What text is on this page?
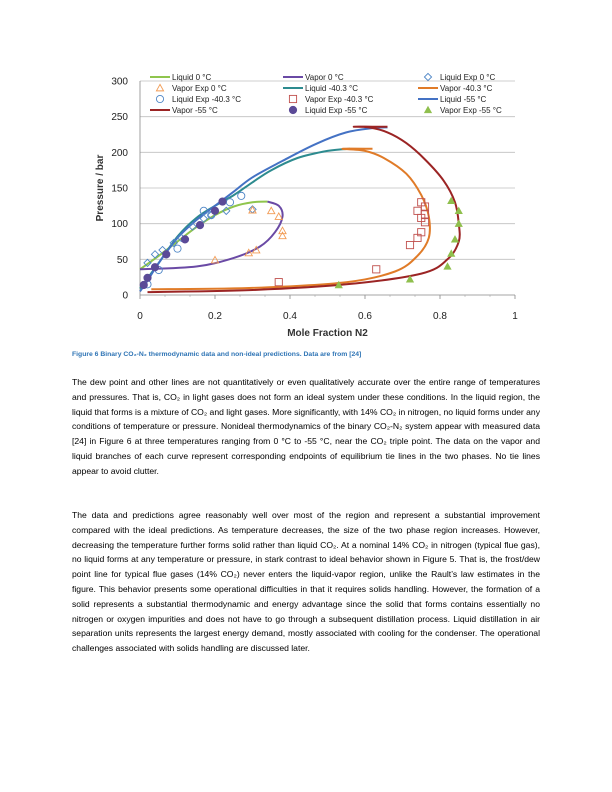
0
50
100
150
200
250
300
0	0.2	0.4	0.6	0.8	1
Liquid 0 °C	Vapor 0 °C	Liquid Exp 0 °C
Vapor Exp 0 °C	Liquid -40.3 °C	Vapor -40.3 °C
Liquid Exp -40.3 °C	Vapor Exp -40.3 °C	Liquid -55 °C
Vapor -55 °C	Liquid Exp -55 °C	Vapor Exp -55 °C
Mole Fraction N2
Pressure / bar
Figure 6 Binary CO₂-N₂ thermodynamic data and non-ideal predictions. Data are from [24]

The dew point and other lines are not quantitatively or even qualitatively accurate over the entire range of temperatures and pressures. That is, CO₂ in light gases does not form an ideal system under these conditions. In the liquid region, the liquid that forms is a mixture of CO₂ and light gases. More significantly, with 14% CO₂ in nitrogen, no liquid forms under any conditions of temperature or pressure. Nonideal thermodynamics of the binary CO₂-N₂ system appear with measured data [24] in Figure 6 at three temperatures ranging from 0 °C to -55 °C, near the CO₂ triple point. The data on the vapor and liquid branches of each curve represent corresponding endpoints of equilibrium tie lines in the two phases. No tie lines appear to avoid clutter.

The data and predictions agree reasonably well over most of the region and represent a substantial improvement compared with the ideal predictions. As temperature decreases, the size of the two phase region increases. However, decreasing the temperature further forms solid rather than liquid CO₂. At a nominal 14% CO₂ in nitrogen (typical flue gas), no liquid forms at any temperature or pressure, in stark contrast to ideal behavior shown in Figure 5. That is, the frost/dew point line for typical flue gases (14% CO₂) never enters the liquid-vapor region, unlike the Rault’s law estimates in the figure. This behavior presents some operational difficulties in that it requires solids handling. However, the formation of a solid represents a substantial thermodynamic and energy advantage since the solid that forms contains essentially no nitrogen or oxygen impurities and does not have to go through a subsequent distillation process. Liquid distillation in air separation units represents the largest energy demand, mostly associated with cooling for the condenser. The operational challenges associated with solids handling are discussed later.
